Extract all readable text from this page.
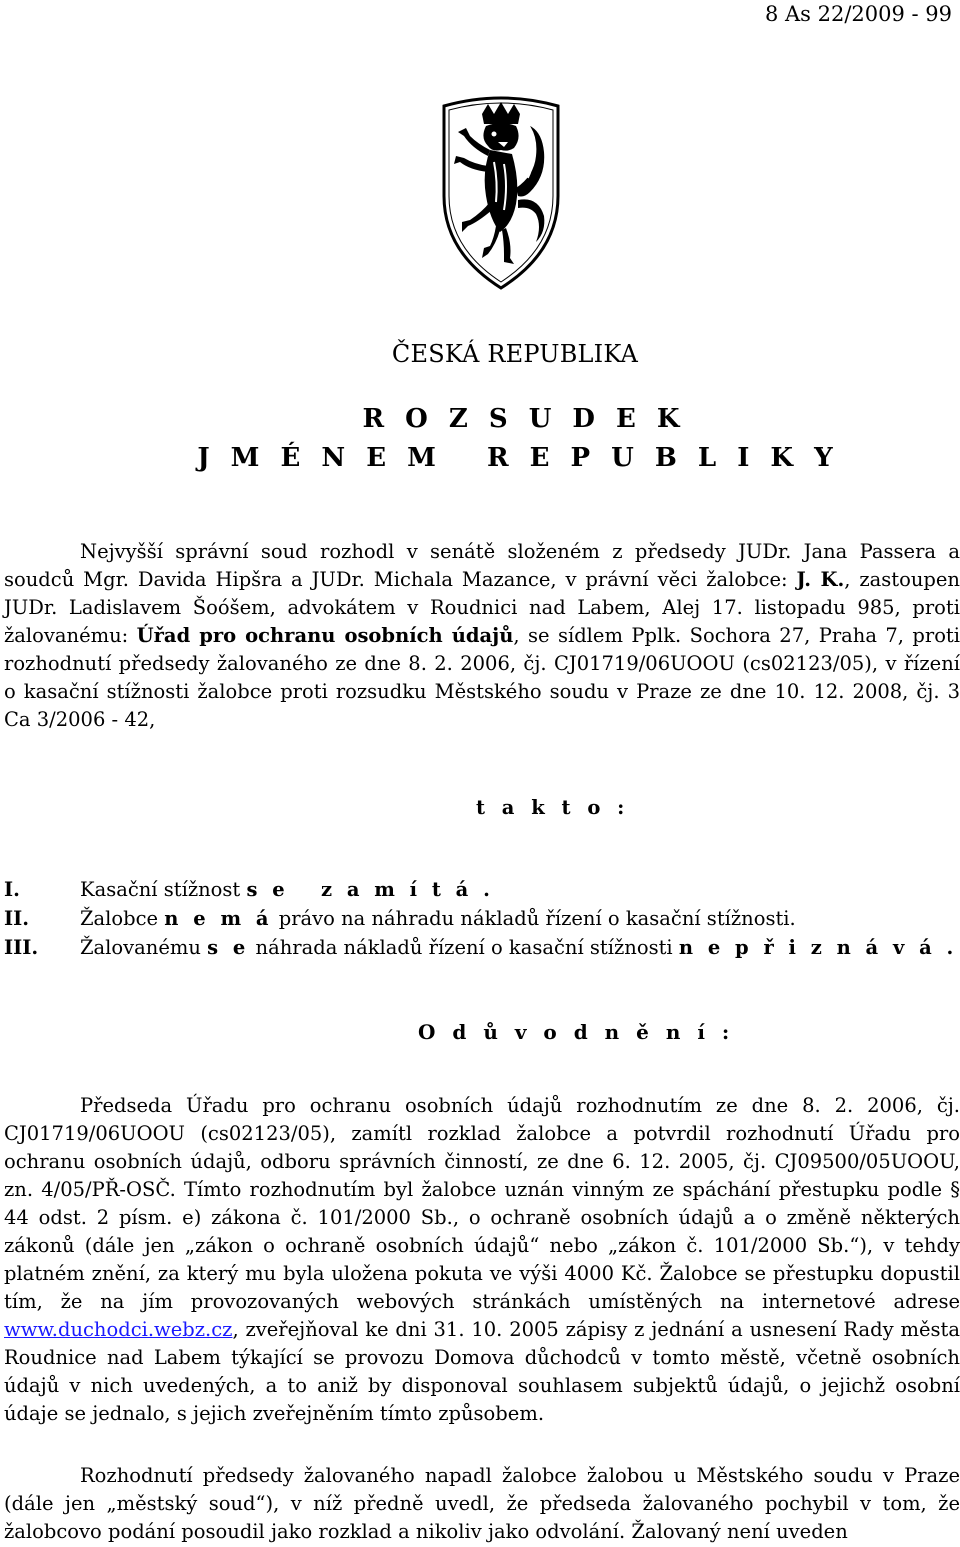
8 As 22/2009 - 99
ČESKÁ REPUBLIKA
R O Z S U D E K
J M É N E M   R E P U B L I K Y
Nejvyšší správní soud rozhodl v senátě složeném z předsedy JUDr. Jana Passera a soudců Mgr. Davida Hipšra a JUDr. Michala Mazance, v právní věci žalobce: J. K., zastoupen JUDr. Ladislavem Šoóšem, advokátem v Roudnici nad Labem, Alej 17. listopadu 985, proti žalovanému: Úřad pro ochranu osobních údajů, se sídlem Pplk. Sochora 27, Praha 7, proti rozhodnutí předsedy žalovaného ze dne 8. 2. 2006, čj. CJ01719/06UOOU (cs02123/05), v řízení o kasační stížnosti žalobce proti rozsudku Městského soudu v Praze ze dne 10. 12. 2008, čj. 3 Ca 3/2006 - 42,
t a k t o :
I.	Kasační stížnost s e   z a m í t á .
II.	Žalobce n e m á právo na náhradu nákladů řízení o kasační stížnosti.
III.	Žalovanému s e náhrada nákladů řízení o kasační stížnosti n e p ř i z n á v á .
O d ů v o d n ě n í :

Předseda Úřadu pro ochranu osobních údajů rozhodnutím ze dne 8. 2. 2006, čj. CJ01719/06UOOU (cs02123/05), zamítl rozklad žalobce a potvrdil rozhodnutí Úřadu pro ochranu osobních údajů, odboru správních činností, ze dne 6. 12. 2005, čj. CJ09500/05UOOU, zn. 4/05/PŘ-OSČ. Tímto rozhodnutím byl žalobce uznán vinným ze spáchání přestupku podle § 44 odst. 2 písm. e) zákona č. 101/2000 Sb., o ochraně osobních údajů a o změně některých zákonů (dále jen „zákon o ochraně osobních údajů“ nebo „zákon č. 101/2000 Sb.“), v tehdy platném znění, za který mu byla uložena pokuta ve výši 4000 Kč. Žalobce se přestupku dopustil tím, že na jím provozovaných webových stránkách umístěných na internetové adrese www.duchodci.webz.cz, zveřejňoval ke dni 31. 10. 2005 zápisy z jednání a usnesení Rady města Roudnice nad Labem týkající se provozu Domova důchodců v tomto městě, včetně osobních údajů v nich uvedených, a to aniž by disponoval souhlasem subjektů údajů, o jejichž osobní údaje se jednalo, s jejich zveřejněním tímto způsobem.

Rozhodnutí předsedy žalovaného napadl žalobce žalobou u Městského soudu v Praze (dále jen „městský soud“), v níž předně uvedl, že předseda žalovaného pochybil v tom, že žalobcovo podání posoudil jako rozklad a nikoliv jako odvolání. Žalovaný není uveden
